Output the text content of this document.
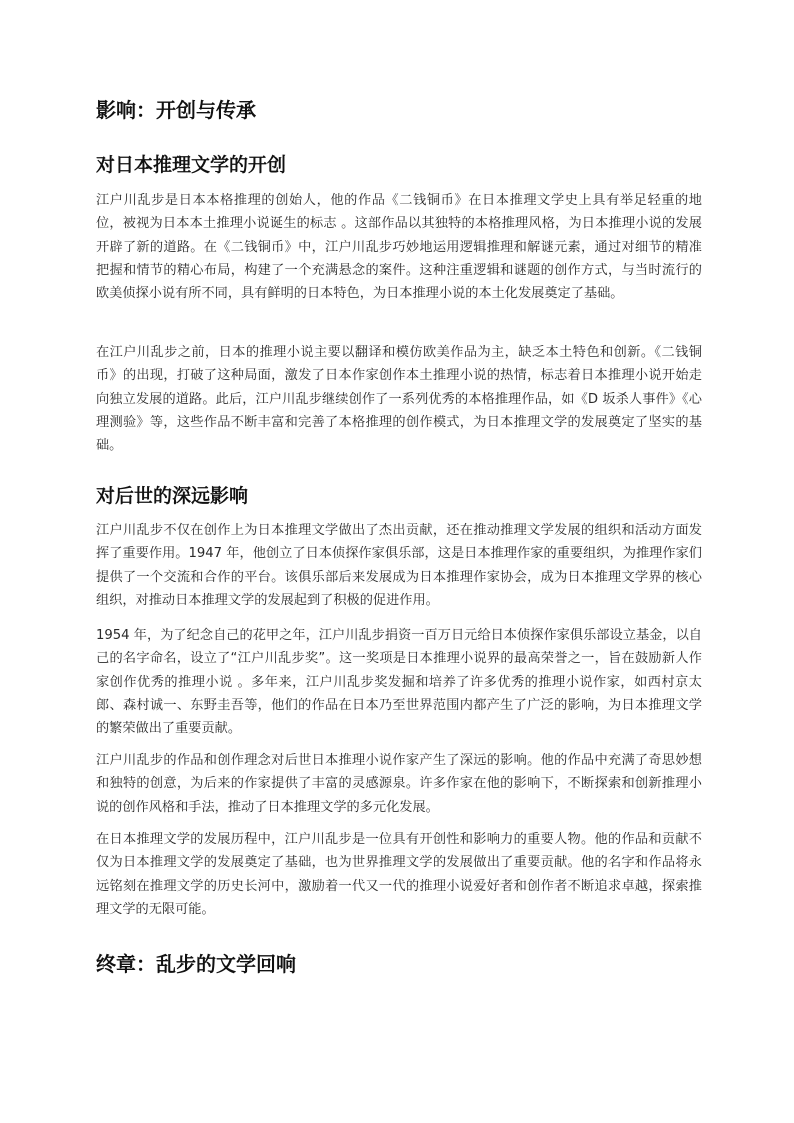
影响：开创与传承
对日本推理文学的开创

江户川乱步是日本本格推理的创始人，他的作品《二钱铜币》在日本推理文学史上具有举足轻重的地位，被视为日本本土推理小说诞生的标志 。这部作品以其独特的本格推理风格，为日本推理小说的发展开辟了新的道路。在《二钱铜币》中，江户川乱步巧妙地运用逻辑推理和解谜元素，通过对细节的精准把握和情节的精心布局，构建了一个充满悬念的案件。这种注重逻辑和谜题的创作方式，与当时流行的欧美侦探小说有所不同，具有鲜明的日本特色，为日本推理小说的本土化发展奠定了基础。

在江户川乱步之前，日本的推理小说主要以翻译和模仿欧美作品为主，缺乏本土特色和创新。《二钱铜币》的出现，打破了这种局面，激发了日本作家创作本土推理小说的热情，标志着日本推理小说开始走向独立发展的道路。此后，江户川乱步继续创作了一系列优秀的本格推理作品，如《D 坂杀人事件》《心理测验》等，这些作品不断丰富和完善了本格推理的创作模式，为日本推理文学的发展奠定了坚实的基础。

对后世的深远影响

江户川乱步不仅在创作上为日本推理文学做出了杰出贡献，还在推动推理文学发展的组织和活动方面发挥了重要作用。1947 年，他创立了日本侦探作家俱乐部，这是日本推理作家的重要组织，为推理作家们提供了一个交流和合作的平台。该俱乐部后来发展成为日本推理作家协会，成为日本推理文学界的核心组织，对推动日本推理文学的发展起到了积极的促进作用。

1954 年，为了纪念自己的花甲之年，江户川乱步捐资一百万日元给日本侦探作家俱乐部设立基金，以自己的名字命名，设立了“江户川乱步奖”。这一奖项是日本推理小说界的最高荣誉之一，旨在鼓励新人作家创作优秀的推理小说 。多年来，江户川乱步奖发掘和培养了许多优秀的推理小说作家，如西村京太郎、森村诚一、东野圭吾等，他们的作品在日本乃至世界范围内都产生了广泛的影响，为日本推理文学的繁荣做出了重要贡献。

江户川乱步的作品和创作理念对后世日本推理小说作家产生了深远的影响。他的作品中充满了奇思妙想和独特的创意，为后来的作家提供了丰富的灵感源泉。许多作家在他的影响下，不断探索和创新推理小说的创作风格和手法，推动了日本推理文学的多元化发展。

在日本推理文学的发展历程中，江户川乱步是一位具有开创性和影响力的重要人物。他的作品和贡献不仅为日本推理文学的发展奠定了基础，也为世界推理文学的发展做出了重要贡献。他的名字和作品将永远铭刻在推理文学的历史长河中，激励着一代又一代的推理小说爱好者和创作者不断追求卓越，探索推理文学的无限可能。

终章：乱步的文学回响
